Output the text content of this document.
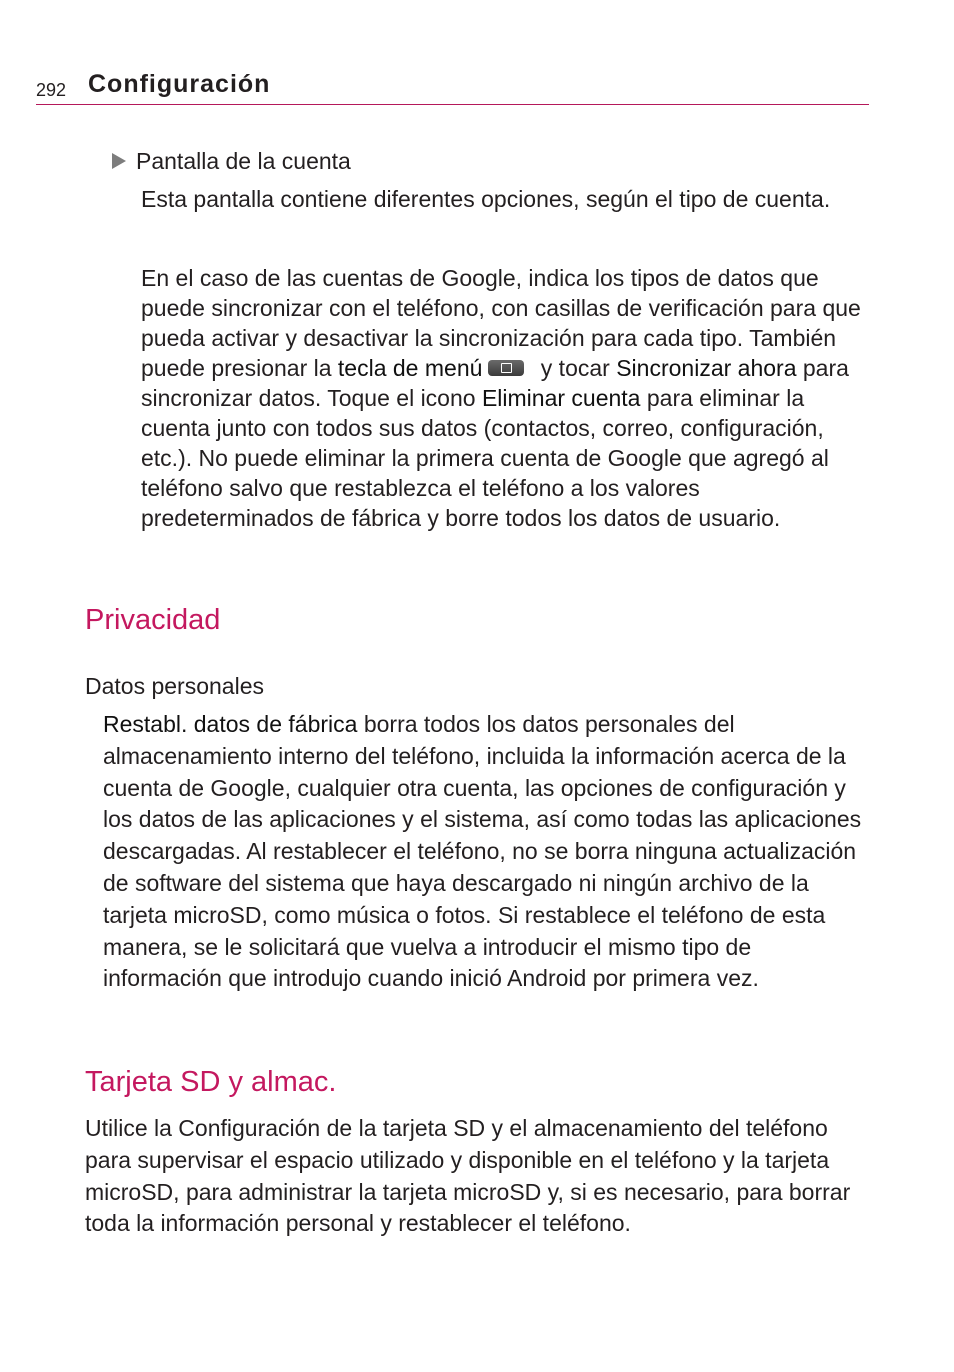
292 Configuración
Pantalla de la cuenta

Esta pantalla contiene diferentes opciones, según el tipo de cuenta.

En el caso de las cuentas de Google, indica los tipos de datos que puede sincronizar con el teléfono, con casillas de verificación para que pueda activar y desactivar la sincronización para cada tipo. También puede presionar la tecla de menú y tocar Sincronizar ahora para sincronizar datos. Toque el icono Eliminar cuenta para eliminar la cuenta junto con todos sus datos (contactos, correo, configuración, etc.). No puede eliminar la primera cuenta de Google que agregó al teléfono salvo que restablezca el teléfono a los valores predeterminados de fábrica y borre todos los datos de usuario.

Privacidad
Datos personales

Restabl. datos de fábrica borra todos los datos personales del almacenamiento interno del teléfono, incluida la información acerca de la cuenta de Google, cualquier otra cuenta, las opciones de configuración y los datos de las aplicaciones y el sistema, así como todas las aplicaciones descargadas. Al restablecer el teléfono, no se borra ninguna actualización de software del sistema que haya descargado ni ningún archivo de la tarjeta microSD, como música o fotos. Si restablece el teléfono de esta manera, se le solicitará que vuelva a introducir el mismo tipo de información que introdujo cuando inició Android por primera vez.

Tarjeta SD y almac.

Utilice la Configuración de la tarjeta SD y el almacenamiento del teléfono para supervisar el espacio utilizado y disponible en el teléfono y la tarjeta microSD, para administrar la tarjeta microSD y, si es necesario, para borrar toda la información personal y restablecer el teléfono.
